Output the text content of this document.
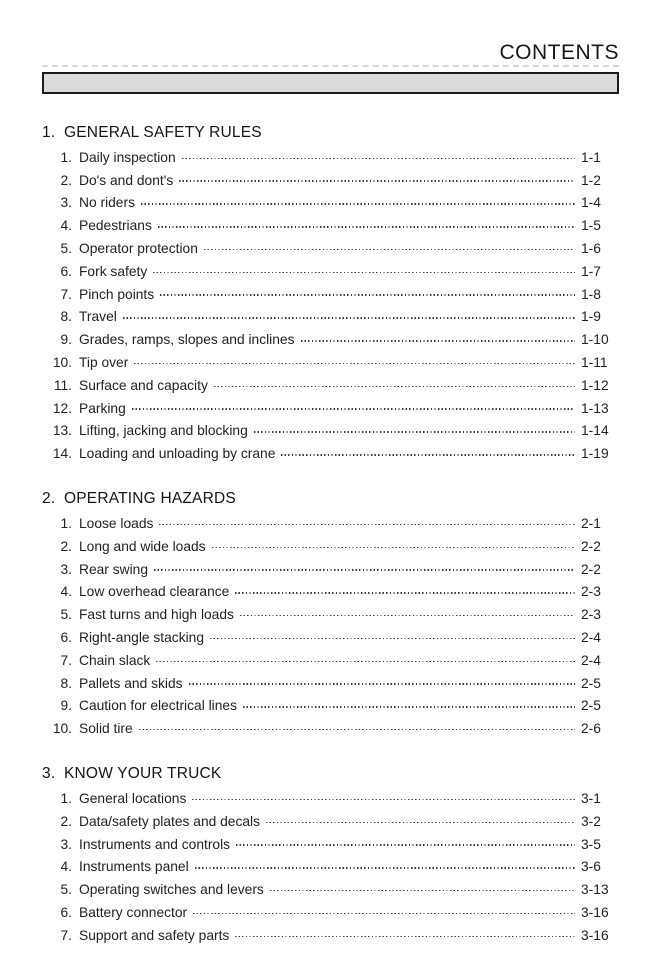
CONTENTS
1. GENERAL SAFETY RULES
1. Daily inspection	1-1
2. Do's and dont's	1-2
3. No riders	1-4
4. Pedestrians	1-5
5. Operator protection	1-6
6. Fork safety	1-7
7. Pinch points	1-8
8. Travel	1-9
9. Grades, ramps, slopes and inclines	1-10
10. Tip over	1-11
11. Surface and capacity	1-12
12. Parking	1-13
13. Lifting, jacking and blocking	1-14
14. Loading and unloading by crane	1-19
2. OPERATING HAZARDS
1. Loose loads	2-1
2. Long and wide loads	2-2
3. Rear swing	2-2
4. Low overhead clearance	2-3
5. Fast turns and high loads	2-3
6. Right-angle stacking	2-4
7. Chain slack	2-4
8. Pallets and skids	2-5
9. Caution for electrical lines	2-5
10. Solid tire	2-6
3. KNOW YOUR TRUCK
1. General locations	3-1
2. Data/safety plates and decals	3-2
3. Instruments and controls	3-5
4. Instruments panel	3-6
5. Operating switches and levers	3-13
6. Battery connector	3-16
7. Support and safety parts	3-16
